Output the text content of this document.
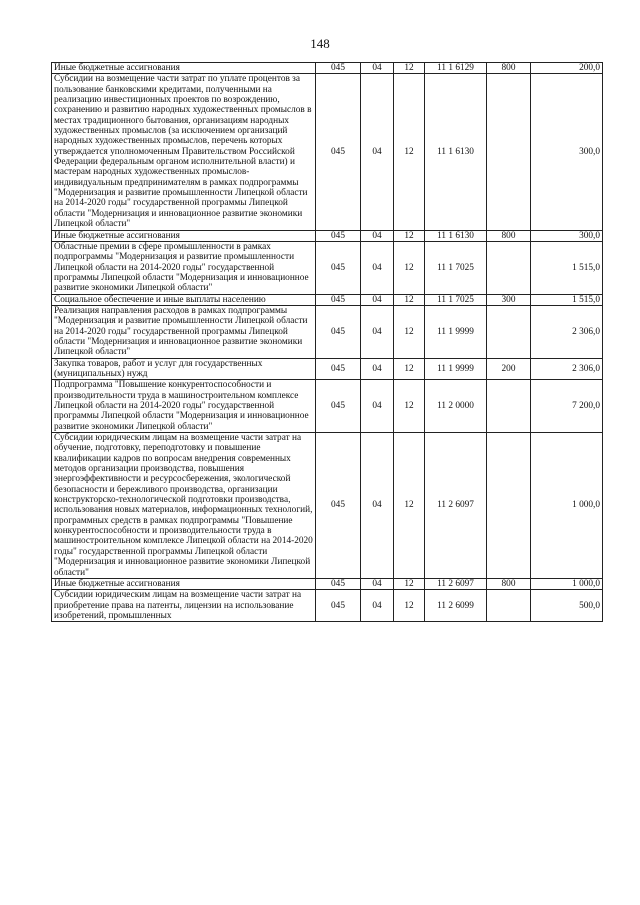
148
Иные бюджетные ассигнования	045	04	12	11 1 6129	800	200,0
Субсидии на возмещение части затрат по уплате процентов за пользование банковскими кредитами, полученными на реализацию инвестиционных проектов по возрождению, сохранению и развитию народных художественных промыслов в местах традиционного бытования, организациям народных художественных промыслов (за исключением организаций народных художественных промыслов, перечень которых утверждается уполномоченным Правительством Российской Федерации федеральным органом исполнительной власти) и мастерам народных художественных промыслов-индивидуальным предпринимателям в рамках подпрограммы "Модернизация и развитие промышленности Липецкой области на 2014-2020 годы" государственной программы Липецкой области "Модернизация и инновационное развитие экономики Липецкой области"	045	04	12	11 1 6130		300,0
Иные бюджетные ассигнования	045	04	12	11 1 6130	800	300,0
Областные премии в сфере промышленности в рамках подпрограммы "Модернизация и развитие промышленности Липецкой области на 2014-2020 годы" государственной программы Липецкой области "Модернизация и инновационное развитие экономики Липецкой области"	045	04	12	11 1 7025		1 515,0
Социальное обеспечение и иные выплаты населению	045	04	12	11 1 7025	300	1 515,0
Реализация направления расходов в рамках подпрограммы "Модернизация и развитие промышленности Липецкой области на 2014-2020 годы" государственной программы Липецкой области "Модернизация и инновационное развитие экономики Липецкой области"	045	04	12	11 1 9999		2 306,0
Закупка товаров, работ и услуг для государственных (муниципальных) нужд	045	04	12	11 1 9999	200	2 306,0
Подпрограмма "Повышение конкурентоспособности и производительности труда в машиностроительном комплексе Липецкой области на 2014-2020 годы" государственной программы Липецкой области "Модернизация и инновационное развитие экономики Липецкой области"	045	04	12	11 2 0000		7 200,0
Субсидии юридическим лицам на возмещение части затрат на обучение, подготовку, переподготовку и повышение квалификации кадров по вопросам внедрения современных методов организации производства, повышения энергоэффективности и ресурсосбережения, экологической безопасности и бережливого производства, организации конструкторско-технологической подготовки производства, использования новых материалов, информационных технологий, программных средств в рамках подпрограммы "Повышение конкурентоспособности и производительности труда в машиностроительном комплексе Липецкой области на 2014-2020 годы" государственной программы Липецкой области "Модернизация и инновационное развитие экономики Липецкой области"	045	04	12	11 2 6097		1 000,0
Иные бюджетные ассигнования	045	04	12	11 2 6097	800	1 000,0
Субсидии юридическим лицам на возмещение части затрат на приобретение права на патенты, лицензии на использование изобретений, промышленных	045	04	12	11 2 6099		500,0
